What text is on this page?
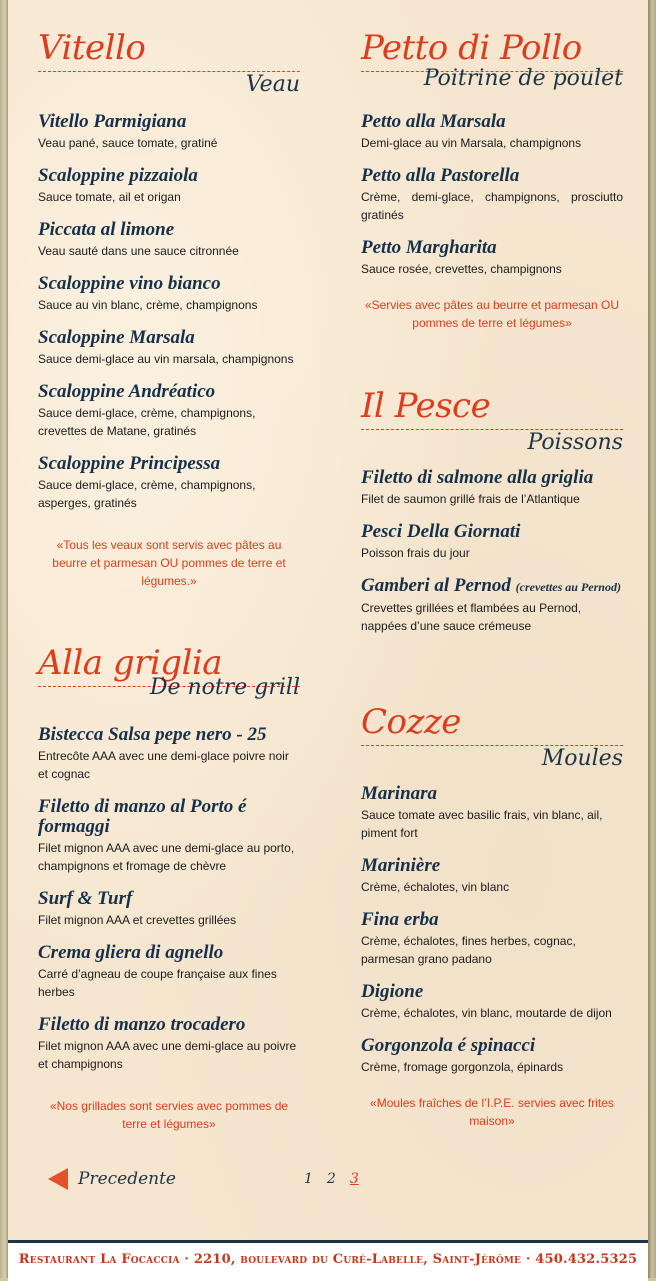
Vitello
Veau
Vitello Parmigiana
Veau pané, sauce tomate, gratiné
Scaloppine pizzaiola
Sauce tomate, ail et origan
Piccata al limone
Veau sauté dans une sauce citronnée
Scaloppine vino bianco
Sauce au vin blanc, crème, champignons
Scaloppine Marsala
Sauce demi-glace au vin marsala, champignons
Scaloppine Andréatico
Sauce demi-glace, crème, champignons, crevettes de Matane, gratinés
Scaloppine Principessa
Sauce demi-glace, crème, champignons, asperges, gratinés
«Tous les veaux sont servis avec pâtes au beurre et parmesan OU pommes de terre et légumes.»
Alla griglia
De notre grill
Bistecca Salsa pepe nero - 25
Entrecôte AAA avec une demi-glace poivre noir et cognac
Filetto di manzo al Porto é formaggi
Filet mignon AAA avec une demi-glace au porto, champignons et fromage de chèvre
Surf & Turf
Filet mignon AAA et crevettes grillées
Crema gliera di agnello
Carré d’agneau de coupe française aux fines herbes
Filetto di manzo trocadero
Filet mignon AAA avec une demi-glace au poivre et champignons
«Nos grillades sont servies avec pommes de terre et légumes»
Petto di Pollo
Poitrine de poulet
Petto alla Marsala
Demi-glace au vin Marsala, champignons
Petto alla Pastorella
Crème, demi-glace, champignons, prosciutto gratinés
Petto Margharita
Sauce rosée, crevettes, champignons
«Servies avec pâtes au beurre et parmesan OU pommes de terre et légumes»
Il Pesce
Poissons
Filetto di salmone alla griglia
Filet de saumon grillé frais de l’Atlantique
Pesci Della Giornati
Poisson frais du jour
Gamberi al Pernod (crevettes au Pernod)
Crevettes grillées et flambées au Pernod, nappées d’une sauce crémeuse
Cozze
Moules
Marinara
Sauce tomate avec basilic frais, vin blanc, ail, piment fort
Marinière
Crème, échalotes, vin blanc
Fina erba
Crème, échalotes, fines herbes, cognac, parmesan grano padano
Digione
Crème, échalotes, vin blanc, moutarde de dijon
Gorgonzola é spinacci
Crème, fromage gorgonzola, épinards
«Moules fraîches de l’I.P.E. servies avec frites maison»
Precedente	1 2 3
Restaurant La Focaccia · 2210, boulevard du Curé-Labelle, Saint-Jérôme · 450.432.5325
